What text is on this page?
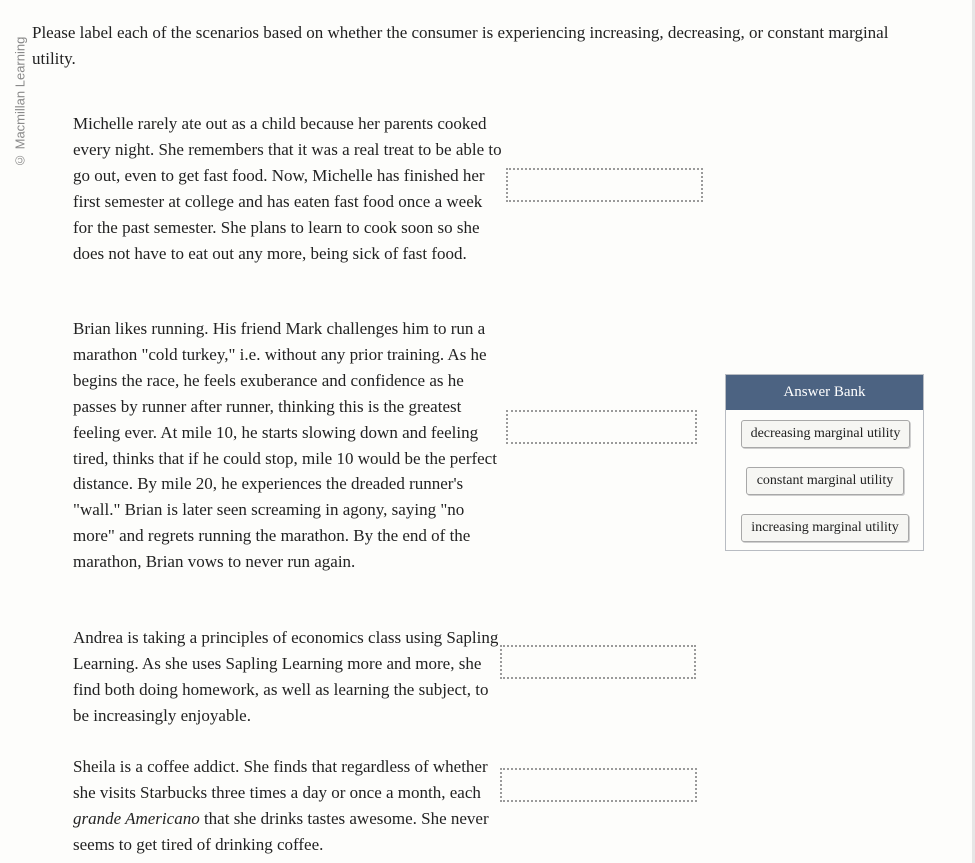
© Macmillan Learning

Please label each of the scenarios based on whether the consumer is experiencing increasing, decreasing, or constant marginal utility.

Michelle rarely ate out as a child because her parents cooked every night. She remembers that it was a real treat to be able to go out, even to get fast food. Now, Michelle has finished her first semester at college and has eaten fast food once a week for the past semester. She plans to learn to cook soon so she does not have to eat out any more, being sick of fast food.

Brian likes running. His friend Mark challenges him to run a marathon "cold turkey," i.e. without any prior training. As he begins the race, he feels exuberance and confidence as he passes by runner after runner, thinking this is the greatest feeling ever. At mile 10, he starts slowing down and feeling tired, thinks that if he could stop, mile 10 would be the perfect distance. By mile 20, he experiences the dreaded runner's "wall." Brian is later seen screaming in agony, saying "no more" and regrets running the marathon. By the end of the marathon, Brian vows to never run again.

Andrea is taking a principles of economics class using Sapling Learning. As she uses Sapling Learning more and more, she find both doing homework, as well as learning the subject, to be increasingly enjoyable.

Sheila is a coffee addict. She finds that regardless of whether she visits Starbucks three times a day or once a month, each grande Americano that she drinks tastes awesome. She never seems to get tired of drinking coffee.

Answer Bank
decreasing marginal utility
constant marginal utility
increasing marginal utility
